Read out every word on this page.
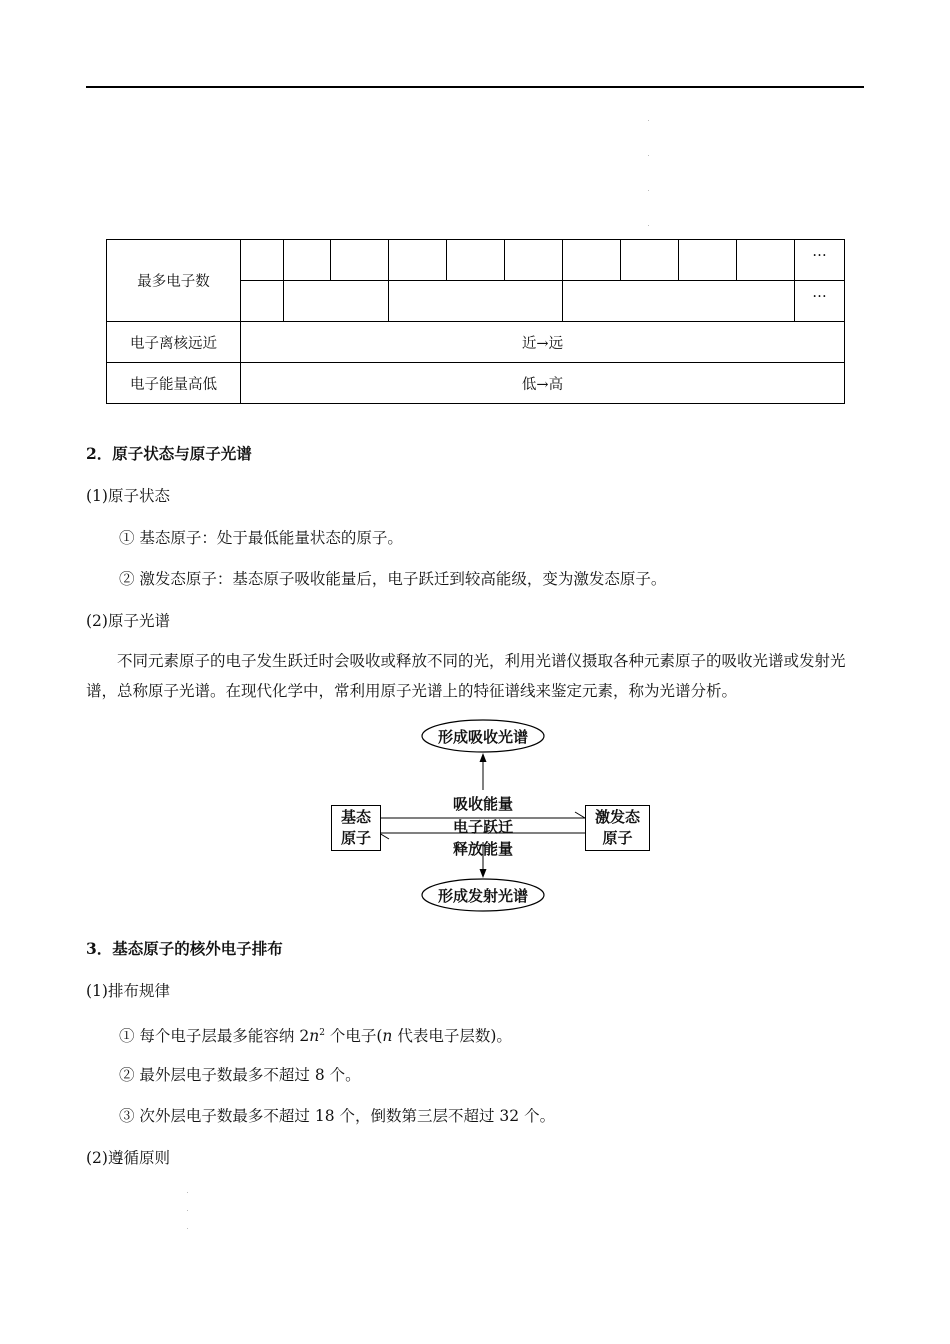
最多电子数											…
											…
电子离核远近	近→远										
电子能量高低	低→高										
2．原子状态与原子光谱
(1)原子状态
① 基态原子：处于最低能量状态的原子。
② 激发态原子：基态原子吸收能量后，电子跃迁到较高能级，变为激发态原子。
(2)原子光谱
不同元素原子的电子发生跃迁时会吸收或释放不同的光，利用光谱仪摄取各种元素原子的吸收光谱或发射光谱，总称原子光谱。在现代化学中，常利用原子光谱上的特征谱线来鉴定元素，称为光谱分析。
形成吸收光谱
形成发射光谱
基态
原子
激发态
原子
吸收能量
电子跃迁
释放能量
3．基态原子的核外电子排布
(1)排布规律
① 每个电子层最多能容纳 $2n^2$ 个电子(n 代表电子层数)。
② 最外层电子数最多不超过 8 个。
③ 次外层电子数最多不超过 18 个，倒数第三层不超过 32 个。
(2)遵循原则
